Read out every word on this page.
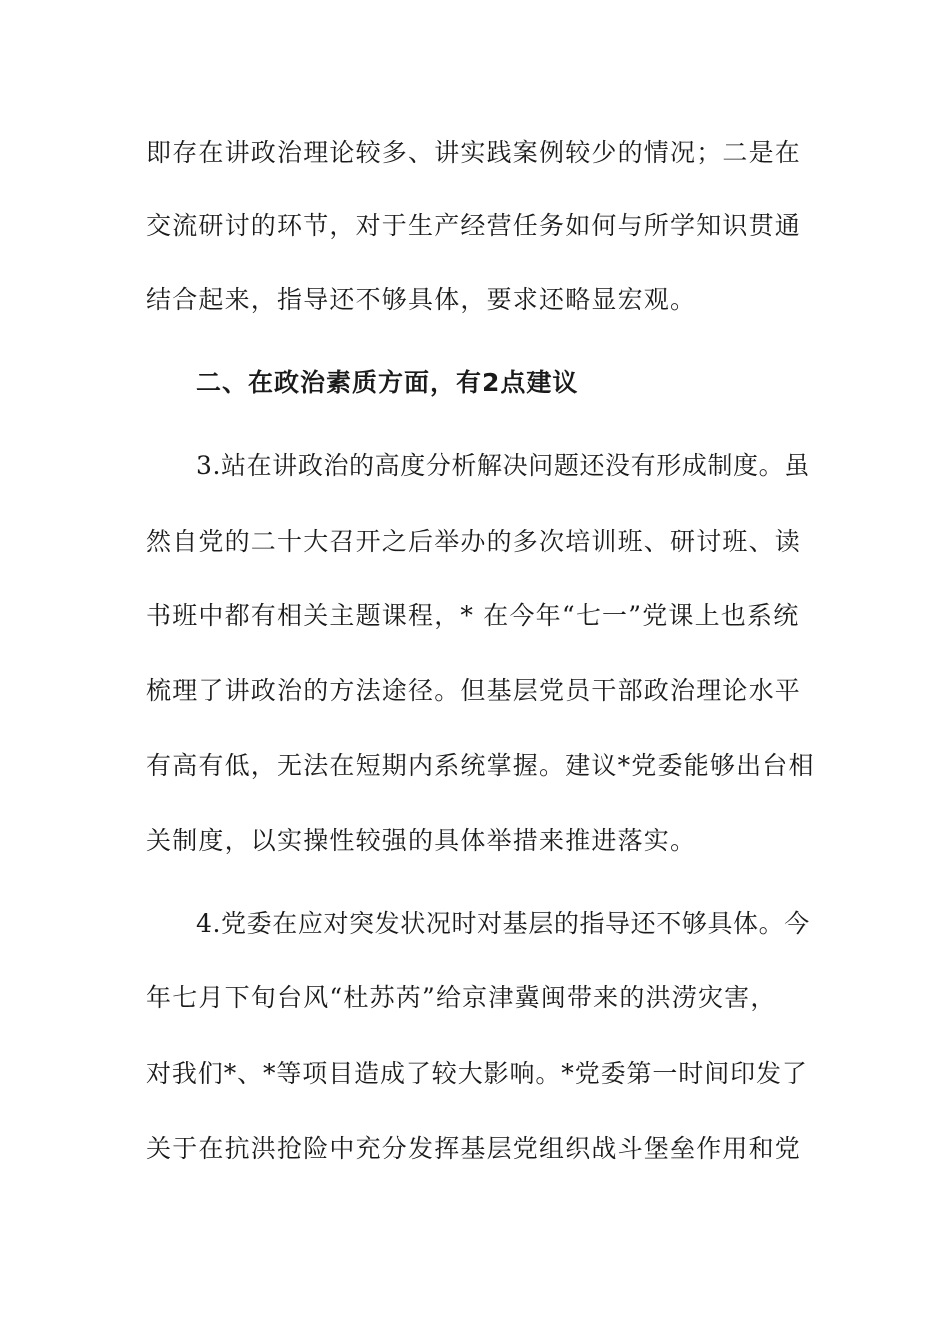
即存在讲政治理论较多、讲实践案例较少的情况；二是在
交流研讨的环节，对于生产经营任务如何与所学知识贯通
结合起来，指导还不够具体，要求还略显宏观。
二、在政治素质方面，有2点建议
3.站在讲政治的高度分析解决问题还没有形成制度。虽
然自党的二十大召开之后举办的多次培训班、研讨班、读
书班中都有相关主题课程，* 在今年“七一”党课上也系统
梳理了讲政治的方法途径。但基层党员干部政治理论水平
有高有低，无法在短期内系统掌握。建议*党委能够出台相
关制度，以实操性较强的具体举措来推进落实。
4.党委在应对突发状况时对基层的指导还不够具体。今
年七月下旬台风“杜苏芮”给京津冀闽带来的洪涝灾害，
对我们*、*等项目造成了较大影响。*党委第一时间印发了
关于在抗洪抢险中充分发挥基层党组织战斗堡垒作用和党
